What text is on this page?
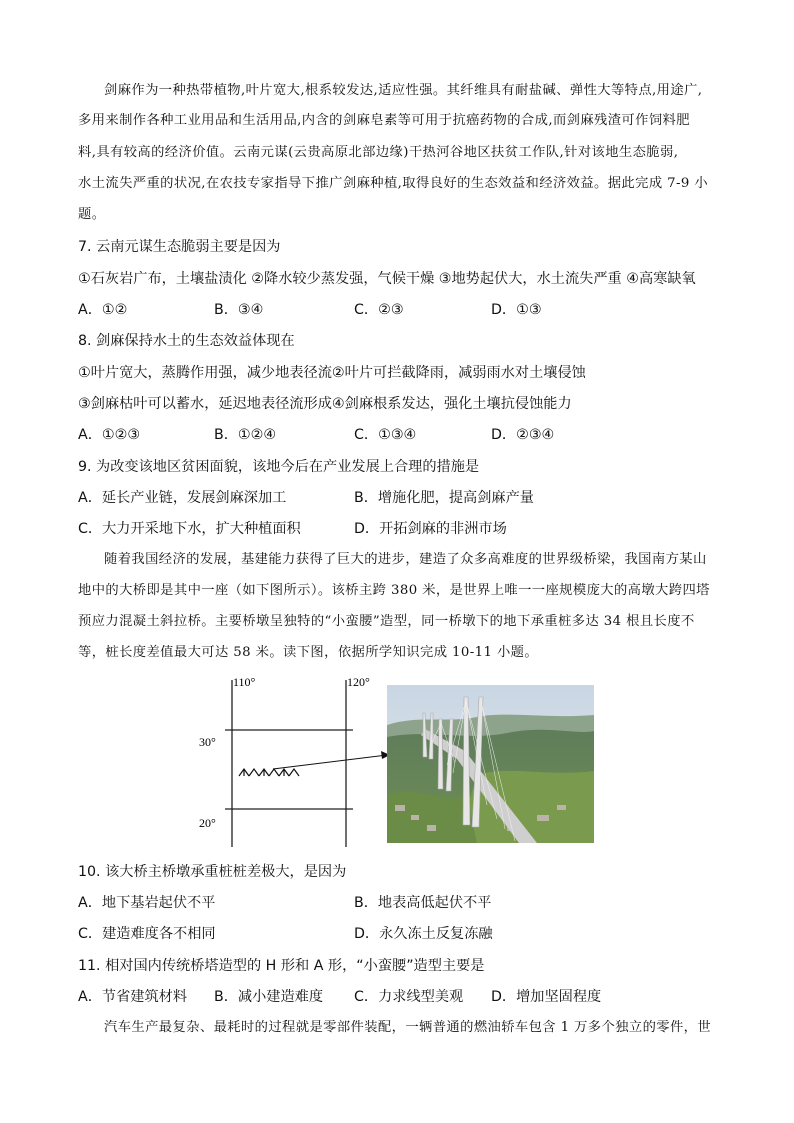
剑麻作为一种热带植物,叶片宽大,根系较发达,适应性强。其纤维具有耐盐碱、弹性大等特点,用途广,
多用来制作各种工业用品和生活用品,内含的剑麻皂素等可用于抗癌药物的合成,而剑麻残渣可作饲料肥
料,具有较高的经济价值。云南元谋(云贵高原北部边缘)干热河谷地区扶贫工作队,针对该地生态脆弱,
水土流失严重的状况,在农技专家指导下推广剑麻种植,取得良好的生态效益和经济效益。据此完成 7-9 小
题。
7. 云南元谋生态脆弱主要是因为
①石灰岩广布，土壤盐渍化 ②降水较少蒸发强，气候干燥 ③地势起伏大，水土流失严重 ④高寒缺氧
A．①②	B．③④	C．②③	D．①③
8. 剑麻保持水土的生态效益体现在
①叶片宽大，蒸腾作用强，减少地表径流②叶片可拦截降雨，减弱雨水对土壤侵蚀
③剑麻枯叶可以蓄水，延迟地表径流形成④剑麻根系发达，强化土壤抗侵蚀能力
A．①②③	B．①②④	C．①③④	D．②③④
9. 为改变该地区贫困面貌，该地今后在产业发展上合理的措施是
A．延长产业链，发展剑麻深加工	B．增施化肥，提高剑麻产量
C．大力开采地下水，扩大种植面积	D．开拓剑麻的非洲市场
随着我国经济的发展，基建能力获得了巨大的进步，建造了众多高难度的世界级桥梁，我国南方某山
地中的大桥即是其中一座（如下图所示）。该桥主跨 380 米，是世界上唯一一座规模庞大的高墩大跨四塔
预应力混凝土斜拉桥。主要桥墩呈独特的“小蛮腰”造型，同一桥墩下的地下承重桩多达 34 根且长度不
等，桩长度差值最大可达 58 米。读下图，依据所学知识完成 10-11 小题。
110°	120°
30°
20°
10. 该大桥主桥墩承重桩桩差极大，是因为
A．地下基岩起伏不平	B．地表高低起伏不平
C．建造难度各不相同	D．永久冻土反复冻融
11. 相对国内传统桥塔造型的 H 形和 A 形，“小蛮腰”造型主要是
A．节省建筑材料 B．减小建造难度 C．力求线型美观 D．增加坚固程度
汽车生产最复杂、最耗时的过程就是零部件装配，一辆普通的燃油轿车包含 1 万多个独立的零件，世
